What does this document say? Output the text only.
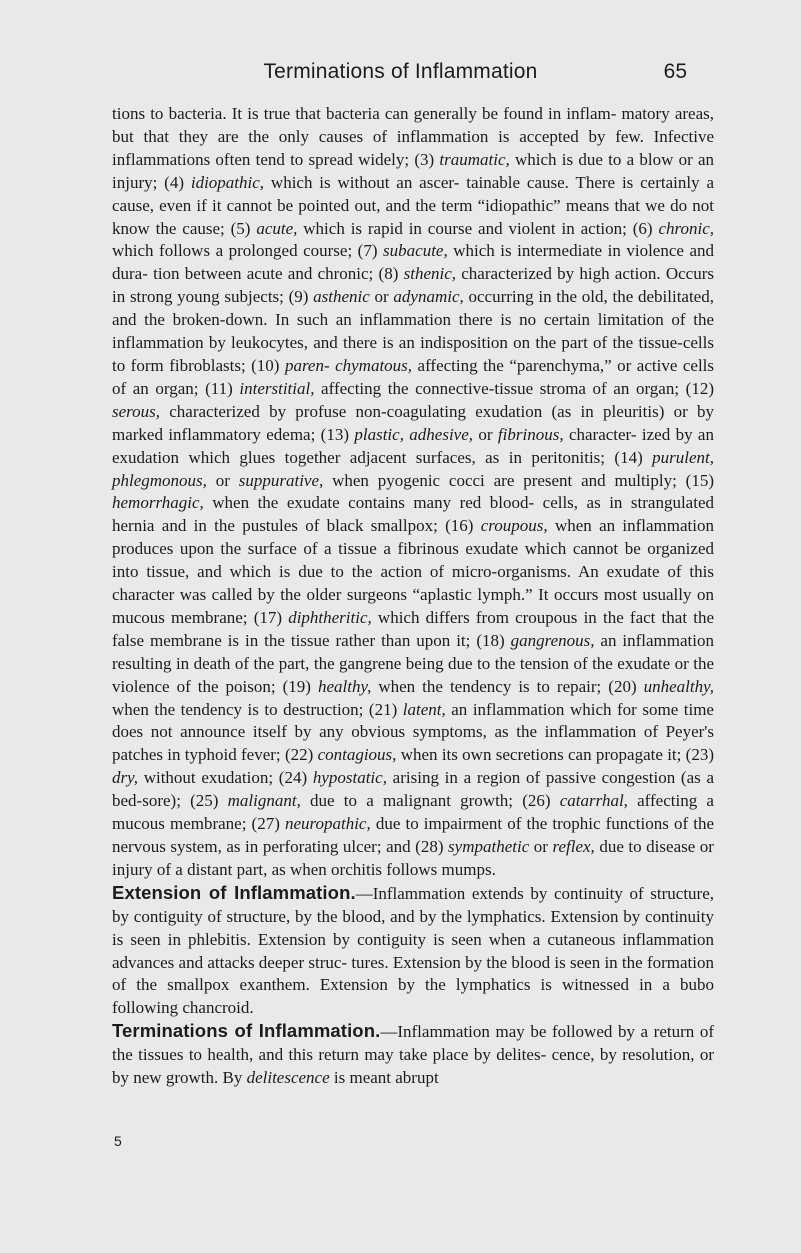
Terminations of Inflammation	65

tions to bacteria. It is true that bacteria can generally be found in inflam- matory areas, but that they are the only causes of inflammation is accepted by few. Infective inflammations often tend to spread widely; (3) traumatic, which is due to a blow or an injury; (4) idiopathic, which is without an ascer- tainable cause. There is certainly a cause, even if it cannot be pointed out, and the term “idiopathic” means that we do not know the cause; (5) acute, which is rapid in course and violent in action; (6) chronic, which follows a prolonged course; (7) subacute, which is intermediate in violence and dura- tion between acute and chronic; (8) sthenic, characterized by high action. Occurs in strong young subjects; (9) asthenic or adynamic, occurring in the old, the debilitated, and the broken-down. In such an inflammation there is no certain limitation of the inflammation by leukocytes, and there is an indisposition on the part of the tissue-cells to form fibroblasts; (10) paren- chymatous, affecting the “parenchyma,” or active cells of an organ; (11) interstitial, affecting the connective-tissue stroma of an organ; (12) serous, characterized by profuse non-coagulating exudation (as in pleuritis) or by marked inflammatory edema; (13) plastic, adhesive, or fibrinous, character- ized by an exudation which glues together adjacent surfaces, as in peritonitis; (14) purulent, phlegmonous, or suppurative, when pyogenic cocci are present and multiply; (15) hemorrhagic, when the exudate contains many red blood- cells, as in strangulated hernia and in the pustules of black smallpox; (16) croupous, when an inflammation produces upon the surface of a tissue a fibrinous exudate which cannot be organized into tissue, and which is due to the action of micro-organisms. An exudate of this character was called by the older surgeons “aplastic lymph.” It occurs most usually on mucous membrane; (17) diphtheritic, which differs from croupous in the fact that the false membrane is in the tissue rather than upon it; (18) gangrenous, an inflammation resulting in death of the part, the gangrene being due to the tension of the exudate or the violence of the poison; (19) healthy, when the tendency is to repair; (20) unhealthy, when the tendency is to destruction; (21) latent, an inflammation which for some time does not announce itself by any obvious symptoms, as the inflammation of Peyer's patches in typhoid fever; (22) contagious, when its own secretions can propagate it; (23) dry, without exudation; (24) hypostatic, arising in a region of passive congestion (as a bed-sore); (25) malignant, due to a malignant growth; (26) catarrhal, affecting a mucous membrane; (27) neuropathic, due to impairment of the trophic functions of the nervous system, as in perforating ulcer; and (28) sympathetic or reflex, due to disease or injury of a distant part, as when orchitis follows mumps.

Extension of Inflammation.—Inflammation extends by continuity of structure, by contiguity of structure, by the blood, and by the lymphatics. Extension by continuity is seen in phlebitis. Extension by contiguity is seen when a cutaneous inflammation advances and attacks deeper struc- tures. Extension by the blood is seen in the formation of the smallpox exanthem. Extension by the lymphatics is witnessed in a bubo following chancroid.

Terminations of Inflammation.—Inflammation may be followed by a return of the tissues to health, and this return may take place by delites- cence, by resolution, or by new growth. By delitescence is meant abrupt

5
